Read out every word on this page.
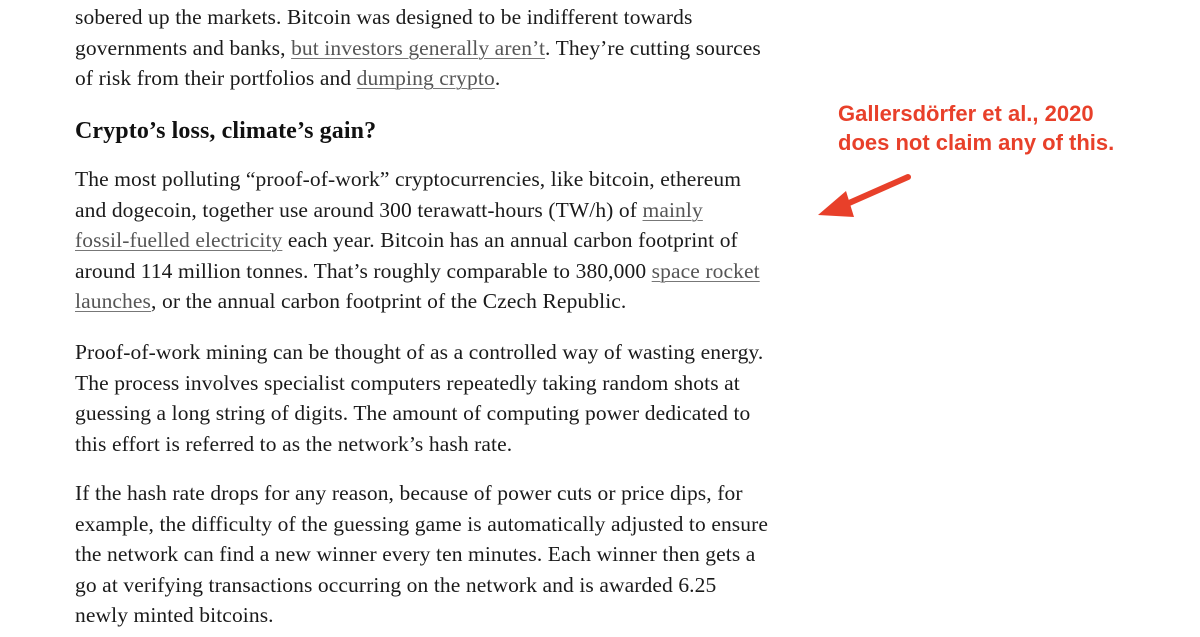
sobered up the markets. Bitcoin was designed to be indifferent towards
governments and banks, but investors generally aren’t. They’re cutting sources
of risk from their portfolios and dumping crypto.

Crypto’s loss, climate’s gain?

The most polluting “proof-of-work” cryptocurrencies, like bitcoin, ethereum
and dogecoin, together use around 300 terawatt-hours (TW/h) of mainly
fossil-fuelled electricity each year. Bitcoin has an annual carbon footprint of
around 114 million tonnes. That’s roughly comparable to 380,000 space rocket
launches, or the annual carbon footprint of the Czech Republic.

Proof-of-work mining can be thought of as a controlled way of wasting energy.
The process involves specialist computers repeatedly taking random shots at
guessing a long string of digits. The amount of computing power dedicated to
this effort is referred to as the network’s hash rate.

If the hash rate drops for any reason, because of power cuts or price dips, for
example, the difficulty of the guessing game is automatically adjusted to ensure
the network can find a new winner every ten minutes. Each winner then gets a
go at verifying transactions occurring on the network and is awarded 6.25
newly minted bitcoins.

Gallersdörfer et al., 2020
does not claim any of this.
